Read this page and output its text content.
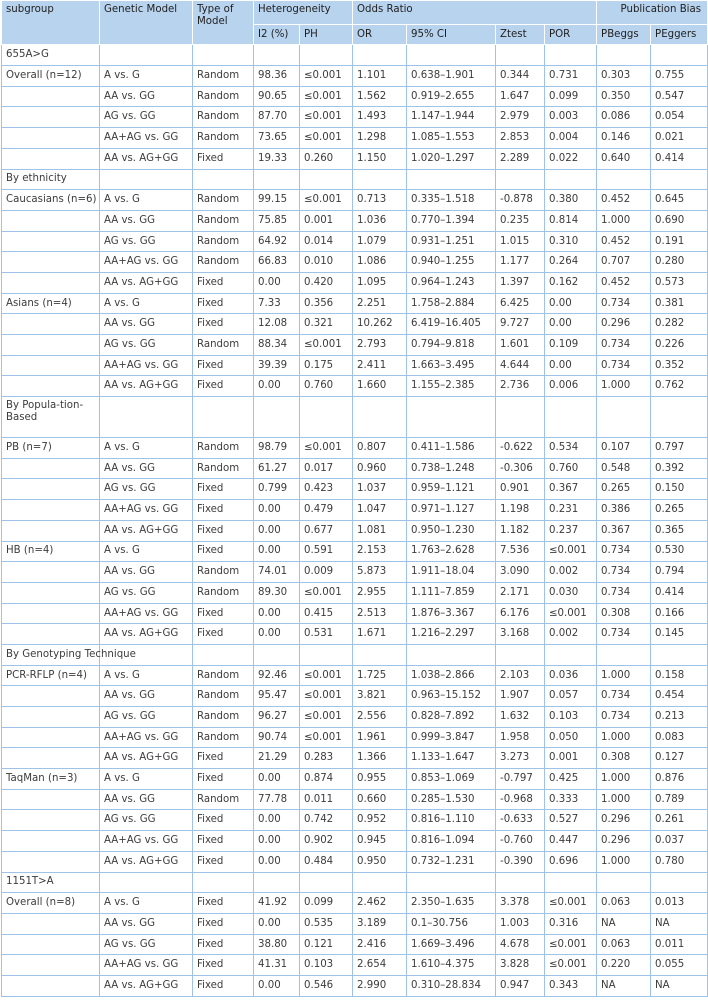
subgroup	Genetic Model	Type of Model	Heterogeneity		Odds Ratio				Publication Bias	
			I2 (%)	PH	OR	95% CI	Ztest	POR	PBeggs	PEggers
655A>G										
Overall (n=12)	A vs. G	Random	98.36	≤0.001	1.101	0.638–1.901	0.344	0.731	0.303	0.755
	AA vs. GG	Random	90.65	≤0.001	1.562	0.919–2.655	1.647	0.099	0.350	0.547
	AG vs. GG	Random	87.70	≤0.001	1.493	1.147–1.944	2.979	0.003	0.086	0.054
	AA+AG vs. GG	Random	73.65	≤0.001	1.298	1.085–1.553	2.853	0.004	0.146	0.021
	AA vs. AG+GG	Fixed	19.33	0.260	1.150	1.020–1.297	2.289	0.022	0.640	0.414
By ethnicity										
Caucasians (n=6)	A vs. G	Random	99.15	≤0.001	0.713	0.335–1.518	-0.878	0.380	0.452	0.645
	AA vs. GG	Random	75.85	0.001	1.036	0.770–1.394	0.235	0.814	1.000	0.690
	AG vs. GG	Random	64.92	0.014	1.079	0.931–1.251	1.015	0.310	0.452	0.191
	AA+AG vs. GG	Random	66.83	0.010	1.086	0.940–1.255	1.177	0.264	0.707	0.280
	AA vs. AG+GG	Fixed	0.00	0.420	1.095	0.964–1.243	1.397	0.162	0.452	0.573
Asians (n=4)	A vs. G	Fixed	7.33	0.356	2.251	1.758–2.884	6.425	0.00	0.734	0.381
	AA vs. GG	Fixed	12.08	0.321	10.262	6.419–16.405	9.727	0.00	0.296	0.282
	AG vs. GG	Random	88.34	≤0.001	2.793	0.794–9.818	1.601	0.109	0.734	0.226
	AA+AG vs. GG	Fixed	39.39	0.175	2.411	1.663–3.495	4.644	0.00	0.734	0.352
	AA vs. AG+GG	Fixed	0.00	0.760	1.660	1.155–2.385	2.736	0.006	1.000	0.762
By Popula-tion-Based										
PB (n=7)	A vs. G	Random	98.79	≤0.001	0.807	0.411–1.586	-0.622	0.534	0.107	0.797
	AA vs. GG	Random	61.27	0.017	0.960	0.738–1.248	-0.306	0.760	0.548	0.392
	AG vs. GG	Fixed	0.799	0.423	1.037	0.959–1.121	0.901	0.367	0.265	0.150
	AA+AG vs. GG	Fixed	0.00	0.479	1.047	0.971–1.127	1.198	0.231	0.386	0.265
	AA vs. AG+GG	Fixed	0.00	0.677	1.081	0.950–1.230	1.182	0.237	0.367	0.365
HB (n=4)	A vs. G	Fixed	0.00	0.591	2.153	1.763–2.628	7.536	≤0.001	0.734	0.530
	AA vs. GG	Random	74.01	0.009	5.873	1.911–18.04	3.090	0.002	0.734	0.794
	AG vs. GG	Random	89.30	≤0.001	2.955	1.111–7.859	2.171	0.030	0.734	0.414
	AA+AG vs. GG	Fixed	0.00	0.415	2.513	1.876–3.367	6.176	≤0.001	0.308	0.166
	AA vs. AG+GG	Fixed	0.00	0.531	1.671	1.216–2.297	3.168	0.002	0.734	0.145
By Genotyping Technique										
PCR-RFLP (n=4)	A vs. G	Random	92.46	≤0.001	1.725	1.038–2.866	2.103	0.036	1.000	0.158
	AA vs. GG	Random	95.47	≤0.001	3.821	0.963–15.152	1.907	0.057	0.734	0.454
	AG vs. GG	Random	96.27	≤0.001	2.556	0.828–7.892	1.632	0.103	0.734	0.213
	AA+AG vs. GG	Random	90.74	≤0.001	1.961	0.999–3.847	1.958	0.050	1.000	0.083
	AA vs. AG+GG	Fixed	21.29	0.283	1.366	1.133–1.647	3.273	0.001	0.308	0.127
TaqMan (n=3)	A vs. G	Fixed	0.00	0.874	0.955	0.853–1.069	-0.797	0.425	1.000	0.876
	AA vs. GG	Random	77.78	0.011	0.660	0.285–1.530	-0.968	0.333	1.000	0.789
	AG vs. GG	Fixed	0.00	0.742	0.952	0.816–1.110	-0.633	0.527	0.296	0.261
	AA+AG vs. GG	Fixed	0.00	0.902	0.945	0.816–1.094	-0.760	0.447	0.296	0.037
	AA vs. AG+GG	Fixed	0.00	0.484	0.950	0.732–1.231	-0.390	0.696	1.000	0.780
1151T>A										
Overall (n=8)	A vs. G	Fixed	41.92	0.099	2.462	2.350–1.635	3.378	≤0.001	0.063	0.013
	AA vs. GG	Fixed	0.00	0.535	3.189	0.1–30.756	1.003	0.316	NA	NA
	AG vs. GG	Fixed	38.80	0.121	2.416	1.669–3.496	4.678	≤0.001	0.063	0.011
	AA+AG vs. GG	Fixed	41.31	0.103	2.654	1.610–4.375	3.828	≤0.001	0.220	0.055
	AA vs. AG+GG	Fixed	0.00	0.546	2.990	0.310–28.834	0.947	0.343	NA	NA
